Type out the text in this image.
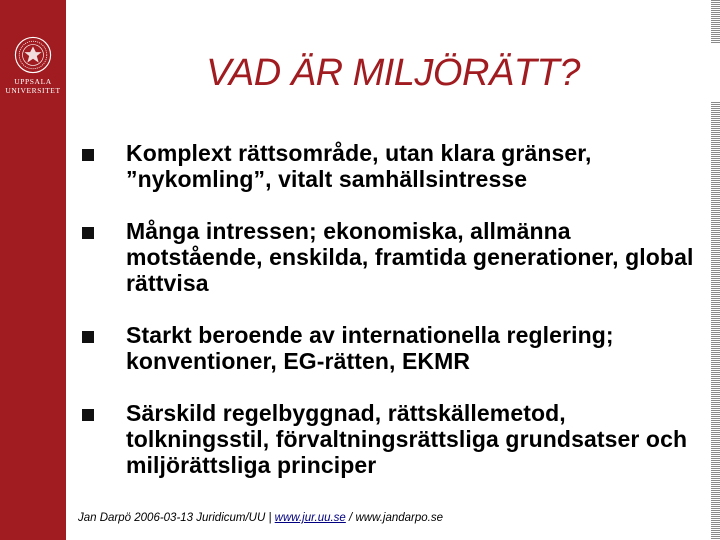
UPPSALA
UNIVERSITET	VAD ÄR MILJÖRÄTT?
Komplext rättsområde, utan klara gränser, ”nykomling”, vitalt samhällsintresse
Många intressen; ekonomiska, allmänna motstående, enskilda, framtida generationer, global rättvisa
Starkt beroende av internationella reglering; konventioner, EG-rätten, EKMR
Särskild regelbyggnad, rättskällemetod, tolkningsstil, förvaltningsrättsliga grundsatser och miljörättsliga principer
Jan Darpö 2006-03-13 Juridicum/UU | www.jur.uu.se / www.jandarpo.se
